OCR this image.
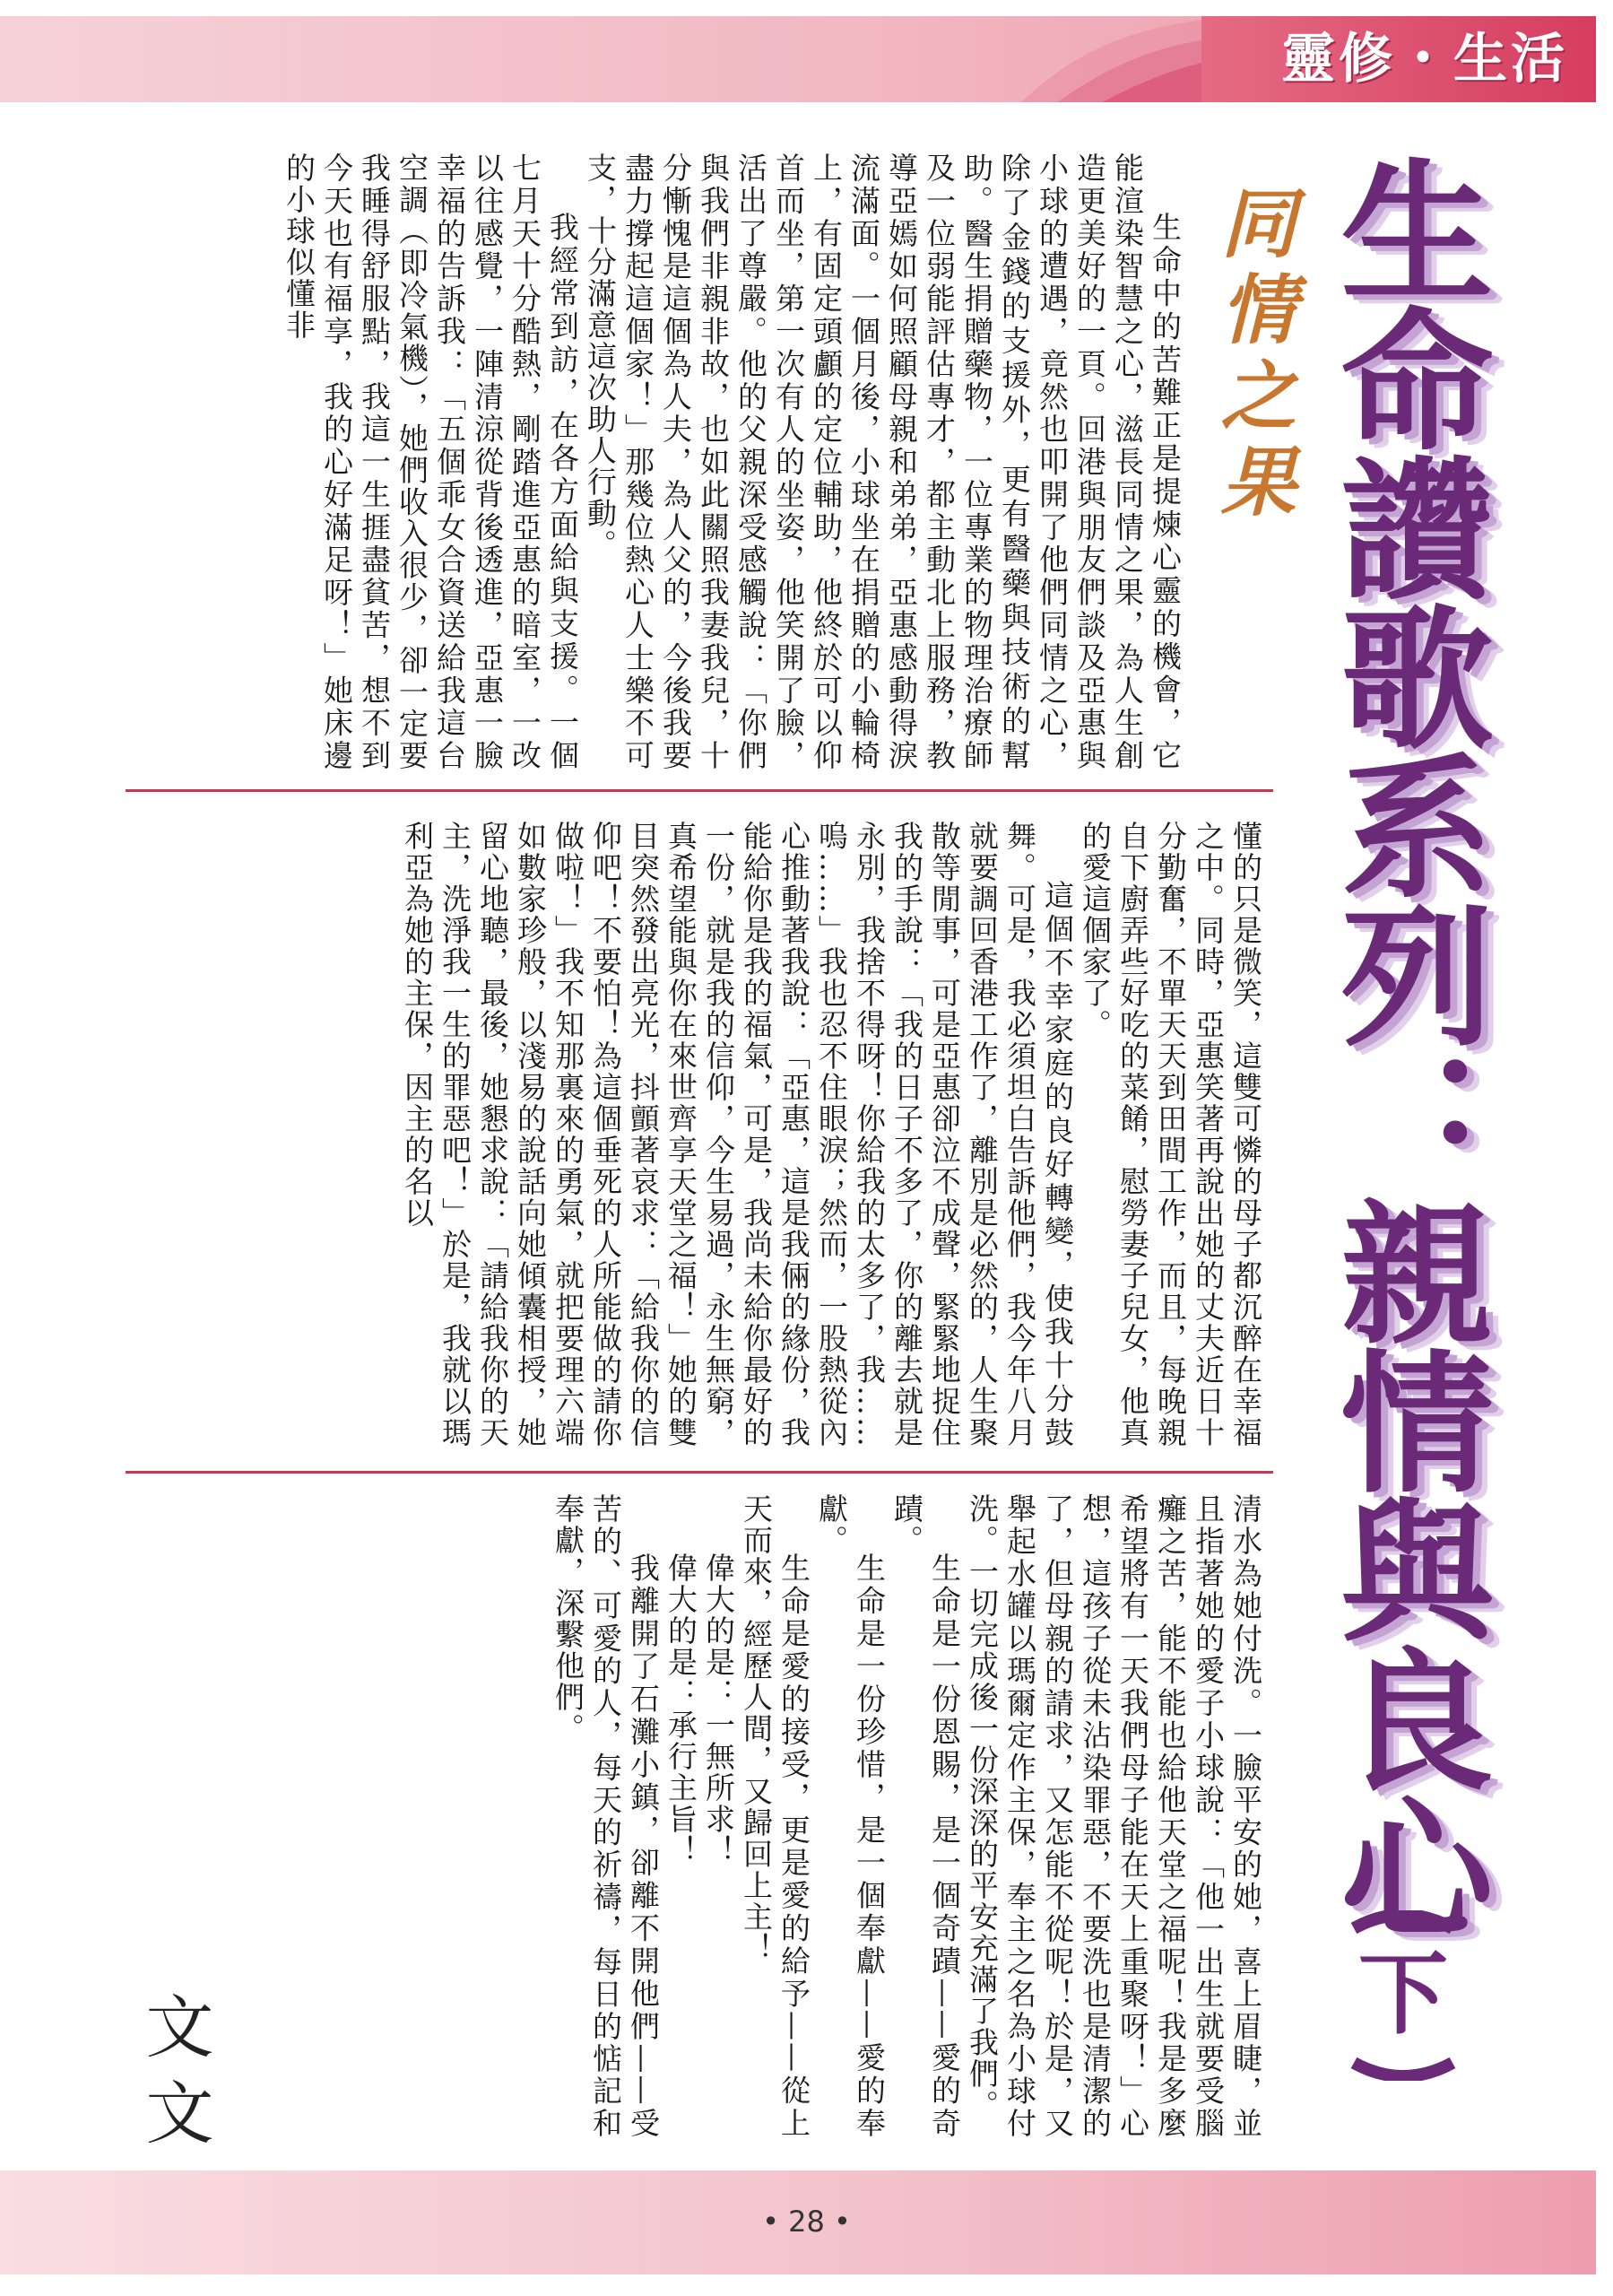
靈修・生活
生命讚歌系列：親情與良心
下
同情之果

生命中的苦難正是提煉心靈的機會，它能渲染智慧之心，滋長同情之果，為人生創造更美好的一頁。回港與朋友們談及亞惠與小球的遭遇，竟然也叩開了他們同情之心，除了金錢的支援外，更有醫藥與技術的幫助。醫生捐贈藥物，一位專業的物理治療師及一位弱能評估專才，都主動北上服務，教導亞嫣如何照顧母親和弟弟，亞惠感動得淚流滿面。一個月後，小球坐在捐贈的小輪椅上，有固定頭顱的定位輔助，他終於可以仰首而坐，第一次有人的坐姿，他笑開了臉，活出了尊嚴。他的父親深受感觸說：「你們與我們非親非故，也如此關照我妻我兒，十分慚愧是這個為人夫，為人父的，今後我要盡力撐起這個家！」那幾位熱心人士樂不可支，十分滿意這次助人行動。

我經常到訪，在各方面給與支援。一個七月天十分酷熱，剛踏進亞惠的暗室，一改以往感覺，一陣清涼從背後透進，亞惠一臉幸福的告訴我：「五個乖女合資送給我這台空調（即冷氣機），她們收入很少，卻一定要我睡得舒服點，我這一生捱盡貧苦，想不到今天也有福享，我的心好滿足呀！」她床邊的小球似懂非

懂的只是微笑，這雙可憐的母子都沉醉在幸福之中。同時，亞惠笑著再說出她的丈夫近日十分勤奮，不單天天到田間工作，而且，每晚親自下廚弄些好吃的菜餚，慰勞妻子兒女，他真的愛這個家了。

這個不幸家庭的良好轉變，使我十分鼓舞。可是，我必須坦白告訴他們，我今年八月就要調回香港工作了，離別是必然的，人生聚散等閒事，可是亞惠卻泣不成聲，緊緊地捉住我的手說：「我的日子不多了，你的離去就是永別，我捨不得呀！你給我的太多了，我……嗚……」我也忍不住眼淚；然而，一股熱從內心推動著我說：「亞惠，這是我倆的緣份，我能給你是我的福氣，可是，我尚未給你最好的一份，就是我的信仰，今生易過，永生無窮，真希望能與你在來世齊享天堂之福！」她的雙目突然發出亮光，抖顫著哀求：「給我你的信仰吧！不要怕！為這個垂死的人所能做的請你做啦！」我不知那裏來的勇氣，就把要理六端如數家珍般，以淺易的說話向她傾囊相授，她留心地聽，最後，她懇求說：「請給我你的天主，洗淨我一生的罪惡吧！」於是，我就以瑪利亞為她的主保，因主的名以

清水為她付洗。一臉平安的她，喜上眉睫，並且指著她的愛子小球說：「他一出生就要受腦癱之苦，能不能也給他天堂之福呢！我是多麼希望將有一天我們母子能在天上重聚呀！」心想，這孩子從未沾染罪惡，不要洗也是清潔的了，但母親的請求，又怎能不從呢！於是，又舉起水罐以瑪爾定作主保，奉主之名為小球付洗。一切完成後一份深深的平安充滿了我們。

生命是一份恩賜，是一個奇蹟——愛的奇蹟。

生命是一份珍惜，是一個奉獻——愛的奉獻。

生命是愛的接受，更是愛的給予——從上天而來，經歷人間，又歸回上主！

偉大的是：一無所求！

偉大的是：承行主旨！

我離開了石灘小鎮，卻離不開他們——受苦的、可愛的人，每天的祈禱，每日的惦記和奉獻，深繫他們。

文文
• 28 •
